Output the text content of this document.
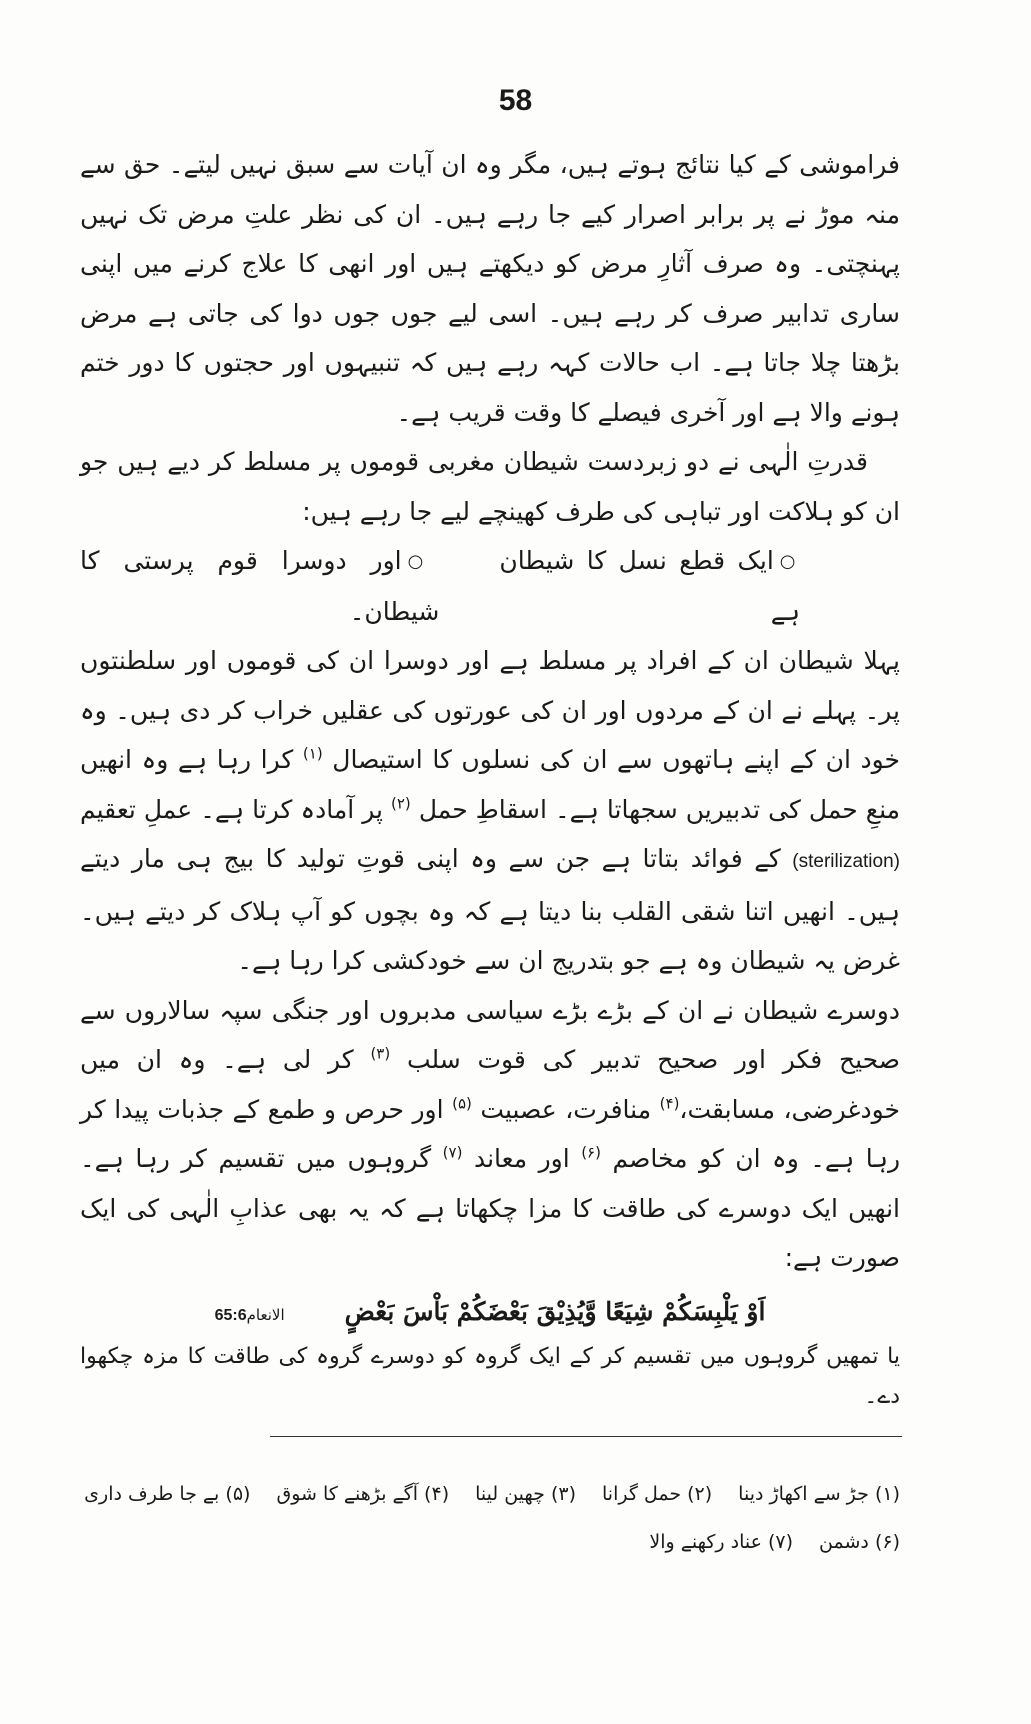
58

فراموشی کے کیا نتائج ہوتے ہیں، مگر وہ ان آیات سے سبق نہیں لیتے۔ حق سے منہ موڑ نے پر برابر اصرار کیے جا رہے ہیں۔ ان کی نظر علتِ مرض تک نہیں پہنچتی۔ وہ صرف آثارِ مرض کو دیکھتے ہیں اور انھی کا علاج کرنے میں اپنی ساری تدابیر صرف کر رہے ہیں۔ اسی لیے جوں جوں دوا کی جاتی ہے مرض بڑھتا چلا جاتا ہے۔ اب حالات کہہ رہے ہیں کہ تنبیہوں اور حجتوں کا دور ختم ہونے والا ہے اور آخری فیصلے کا وقت قریب ہے۔

قدرتِ الٰہی نے دو زبردست شیطان مغربی قوموں پر مسلط کر دیے ہیں جو ان کو ہلاکت اور تباہی کی طرف کھینچے لیے جا رہے ہیں:

○ایک قطع نسل کا شیطان ہے
○اور دوسرا قوم پرستی کا شیطان۔

پہلا شیطان ان کے افراد پر مسلط ہے اور دوسرا ان کی قوموں اور سلطنتوں پر۔ پہلے نے ان کے مردوں اور ان کی عورتوں کی عقلیں خراب کر دی ہیں۔ وہ خود ان کے اپنے ہاتھوں سے ان کی نسلوں کا استیصال $^{(۱)}$ کرا رہا ہے وہ انھیں منعِ حمل کی تدبیریں سجھاتا ہے۔ اسقاطِ حمل $^{(۲)}$ پر آمادہ کرتا ہے۔ عملِ تعقیم (sterilization) کے فوائد بتاتا ہے جن سے وہ اپنی قوتِ تولید کا بیج ہی مار دیتے ہیں۔ انھیں اتنا شقی القلب بنا دیتا ہے کہ وہ بچوں کو آپ ہلاک کر دیتے ہیں۔ غرض یہ شیطان وہ ہے جو بتدریج ان سے خودکشی کرا رہا ہے۔

دوسرے شیطان نے ان کے بڑے بڑے سیاسی مدبروں اور جنگی سپہ سالاروں سے صحیح فکر اور صحیح تدبیر کی قوت سلب $^{(۳)}$ کر لی ہے۔ وہ ان میں خودغرضی، مسابقت،$^{(۴)}$ منافرت، عصبیت $^{(۵)}$ اور حرص و طمع کے جذبات پیدا کر رہا ہے۔ وہ ان کو مخاصم $^{(۶)}$ اور معاند $^{(۷)}$ گروہوں میں تقسیم کر رہا ہے۔ انھیں ایک دوسرے کی طاقت کا مزا چکھاتا ہے کہ یہ بھی عذابِ الٰہی کی ایک صورت ہے:

اَوْ يَلْبِسَكُمْ شِيَعًا وَّيُذِيْقَ بَعْضَكُمْ بَاْسَ بَعْضٍ
الانعام65:6

یا تمھیں گروہوں میں تقسیم کر کے ایک گروہ کو دوسرے گروہ کی طاقت کا مزہ چکھوا دے۔

(۱) جڑ سے اکھاڑ دینا
(۲) حمل گرانا
(۳) چھین لینا
(۴) آگے بڑھنے کا شوق
(۵) بے جا طرف داری
(۶) دشمن
(۷) عناد رکھنے والا
